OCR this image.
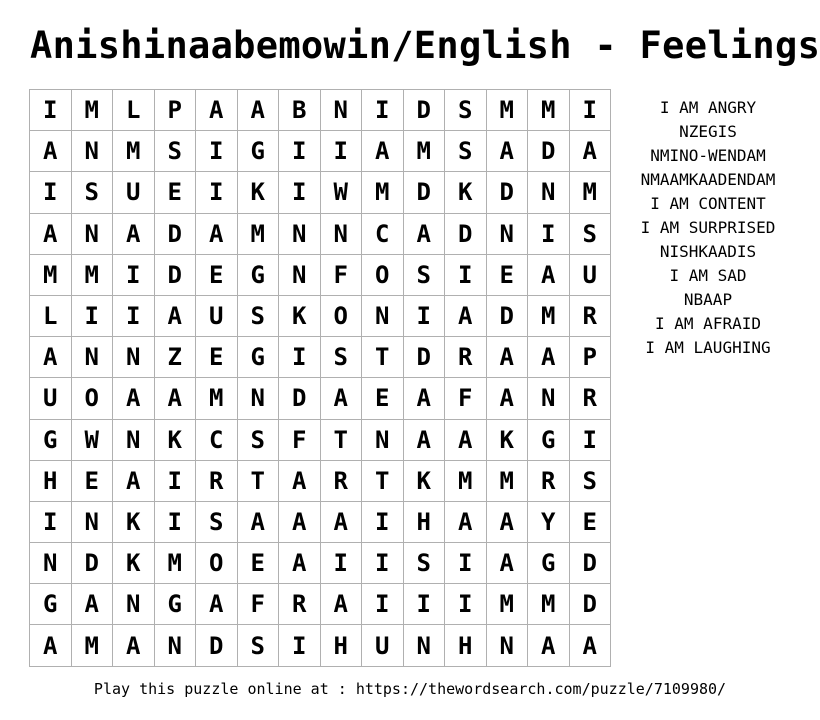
Anishinaabemowin/English - Feelings
I	M	L	P	A	A	B	N	I	D	S	M	M	I
A	N	M	S	I	G	I	I	A	M	S	A	D	A
I	S	U	E	I	K	I	W	M	D	K	D	N	M
A	N	A	D	A	M	N	N	C	A	D	N	I	S
M	M	I	D	E	G	N	F	O	S	I	E	A	U
L	I	I	A	U	S	K	O	N	I	A	D	M	R
A	N	N	Z	E	G	I	S	T	D	R	A	A	P
U	O	A	A	M	N	D	A	E	A	F	A	N	R
G	W	N	K	C	S	F	T	N	A	A	K	G	I
H	E	A	I	R	T	A	R	T	K	M	M	R	S
I	N	K	I	S	A	A	A	I	H	A	A	Y	E
N	D	K	M	O	E	A	I	I	S	I	A	G	D
G	A	N	G	A	F	R	A	I	I	I	M	M	D
A	M	A	N	D	S	I	H	U	N	H	N	A	A
I AM ANGRY
NZEGIS
NMINO-WENDAM
NMAAMKAADENDAM
I AM CONTENT
I AM SURPRISED
NISHKAADIS
I AM SAD
NBAAP
I AM AFRAID
I AM LAUGHING
Play this puzzle online at : https://thewordsearch.com/puzzle/7109980/
